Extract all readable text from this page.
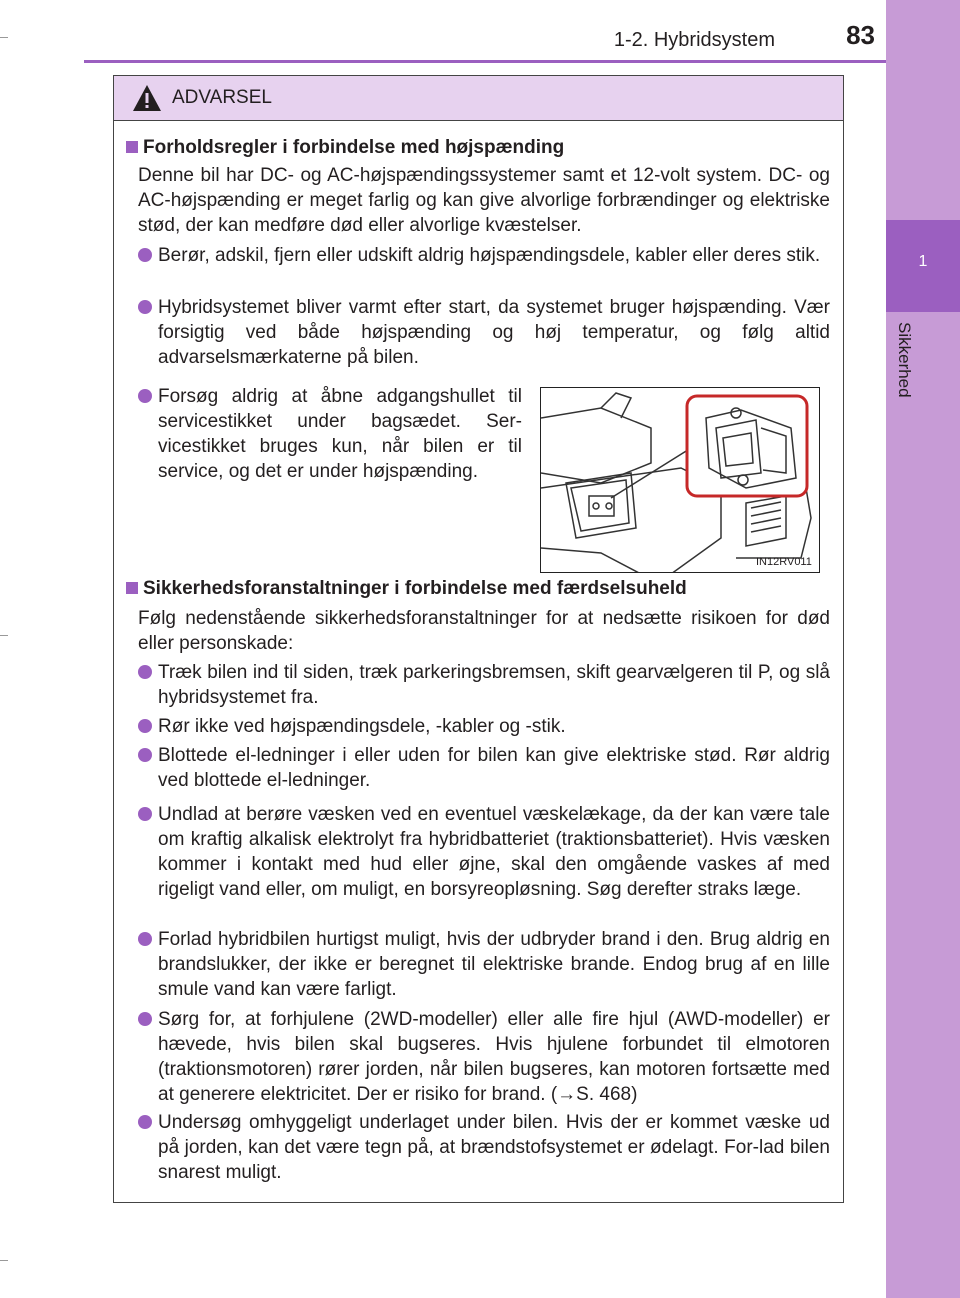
1
Sikkerhed
1-2. Hybridsystem	83
ADVARSEL
Forholdsregler i forbindelse med højspænding
Denne bil har DC- og AC-højspændingssystemer samt et 12-volt system. DC- og AC-højspænding er meget farlig og kan give alvorlige forbrændinger og elektriske stød, der kan medføre død eller alvorlige kvæstelser.
Berør, adskil, fjern eller udskift aldrig højspændingsdele, kabler eller deres stik.
Hybridsystemet bliver varmt efter start, da systemet bruger højspænding. Vær forsigtig ved både højspænding og høj temperatur, og følg altid advarselsmærkaterne på bilen.
Forsøg aldrig at åbne adgangshullet til servicestikket under bagsædet. Ser-vicestikket bruges kun, når bilen er til service, og det er under højspænding.
IN12RV011
Sikkerhedsforanstaltninger i forbindelse med færdselsuheld
Følg nedenstående sikkerhedsforanstaltninger for at nedsætte risikoen for død eller personskade:
Træk bilen ind til siden, træk parkeringsbremsen, skift gearvælgeren til P, og slå hybridsystemet fra.
Rør ikke ved højspændingsdele, -kabler og -stik.
Blottede el-ledninger i eller uden for bilen kan give elektriske stød. Rør aldrig ved blottede el-ledninger.
Undlad at berøre væsken ved en eventuel væskelækage, da der kan være tale om kraftig alkalisk elektrolyt fra hybridbatteriet (traktionsbatteriet). Hvis væsken kommer i kontakt med hud eller øjne, skal den omgående vaskes af med rigeligt vand eller, om muligt, en borsyreopløsning. Søg derefter straks læge.
Forlad hybridbilen hurtigst muligt, hvis der udbryder brand i den. Brug aldrig en brandslukker, der ikke er beregnet til elektriske brande. Endog brug af en lille smule vand kan være farligt.
Sørg for, at forhjulene (2WD-modeller) eller alle fire hjul (AWD-modeller) er hævede, hvis bilen skal bugseres. Hvis hjulene forbundet til elmotoren (traktionsmotoren) rører jorden, når bilen bugseres, kan motoren fortsætte med at generere elektricitet. Der er risiko for brand. (→S. 468)
Undersøg omhyggeligt underlaget under bilen. Hvis der er kommet væske ud på jorden, kan det være tegn på, at brændstofsystemet er ødelagt. For-lad bilen snarest muligt.
